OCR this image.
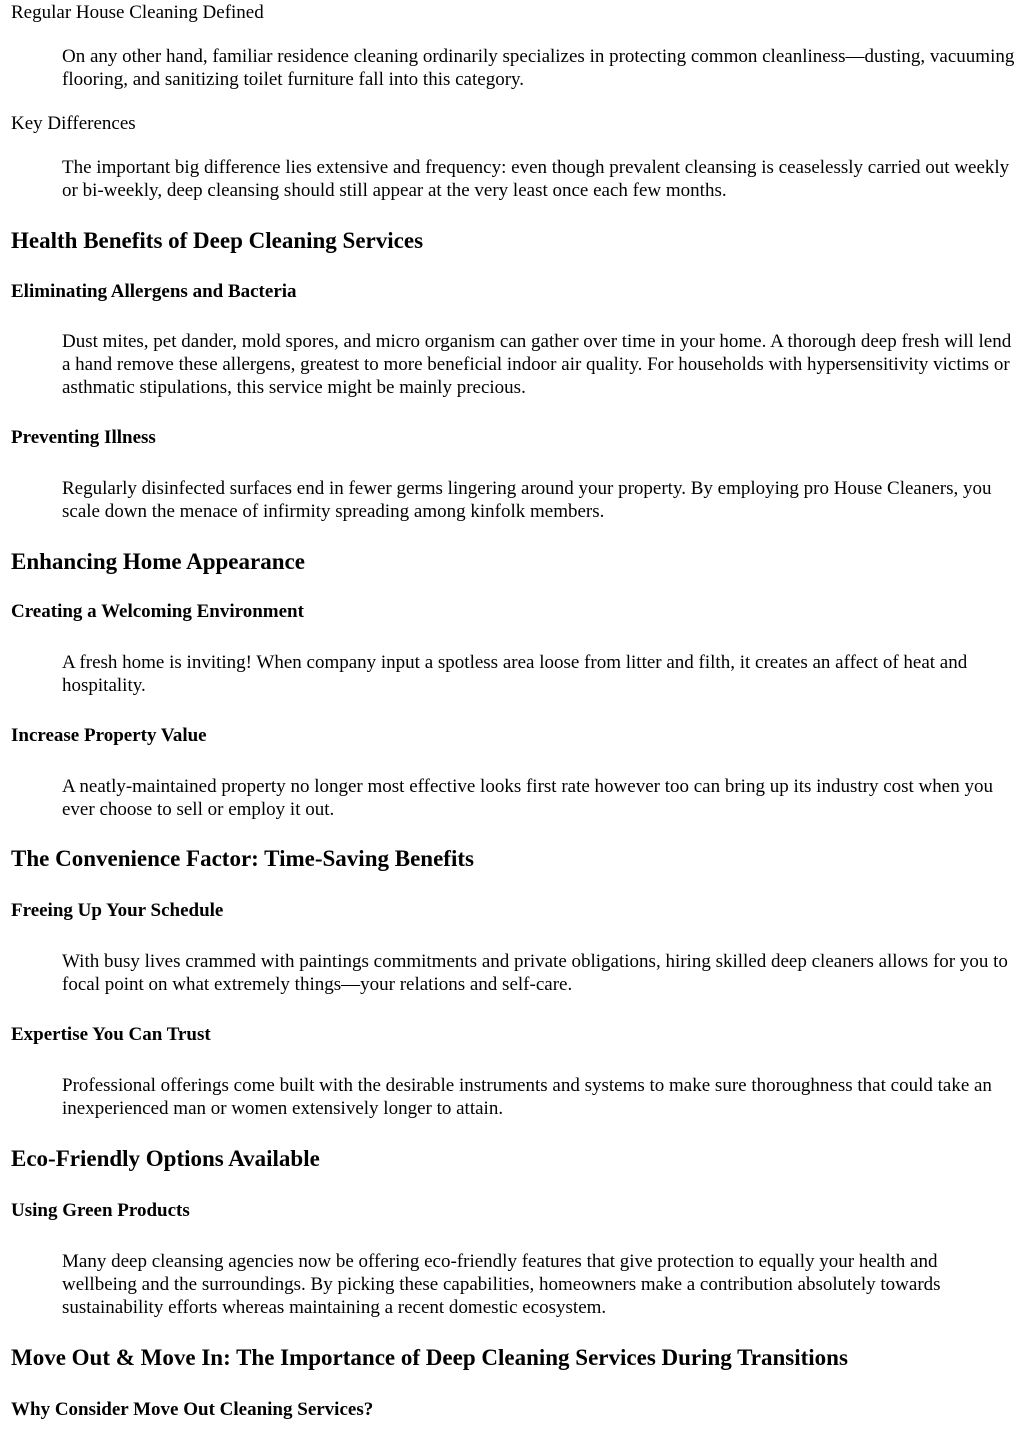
Regular House Cleaning Defined

On any other hand, familiar residence cleaning ordinarily specializes in protecting common cleanliness—dusting, vacuuming flooring, and sanitizing toilet furniture fall into this category.

Key Differences

The important big difference lies extensive and frequency: even though prevalent cleansing is ceaselessly carried out weekly or bi-weekly, deep cleansing should still appear at the very least once each few months.

Health Benefits of Deep Cleaning Services
Eliminating Allergens and Bacteria

Dust mites, pet dander, mold spores, and micro organism can gather over time in your home. A thorough deep fresh will lend a hand remove these allergens, greatest to more beneficial indoor air quality. For households with hypersensitivity victims or asthmatic stipulations, this service might be mainly precious.

Preventing Illness

Regularly disinfected surfaces end in fewer germs lingering around your property. By employing pro House Cleaners, you scale down the menace of infirmity spreading among kinfolk members.

Enhancing Home Appearance
Creating a Welcoming Environment

A fresh home is inviting! When company input a spotless area loose from litter and filth, it creates an affect of heat and hospitality.

Increase Property Value

A neatly-maintained property no longer most effective looks first rate however too can bring up its industry cost when you ever choose to sell or employ it out.

The Convenience Factor: Time-Saving Benefits
Freeing Up Your Schedule

With busy lives crammed with paintings commitments and private obligations, hiring skilled deep cleaners allows for you to focal point on what extremely things—your relations and self-care.

Expertise You Can Trust

Professional offerings come built with the desirable instruments and systems to make sure thoroughness that could take an inexperienced man or women extensively longer to attain.

Eco-Friendly Options Available
Using Green Products

Many deep cleansing agencies now be offering eco-friendly features that give protection to equally your health and wellbeing and the surroundings. By picking these capabilities, homeowners make a contribution absolutely towards sustainability efforts whereas maintaining a recent domestic ecosystem.

Move Out & Move In: The Importance of Deep Cleaning Services During Transitions
Why Consider Move Out Cleaning Services?
